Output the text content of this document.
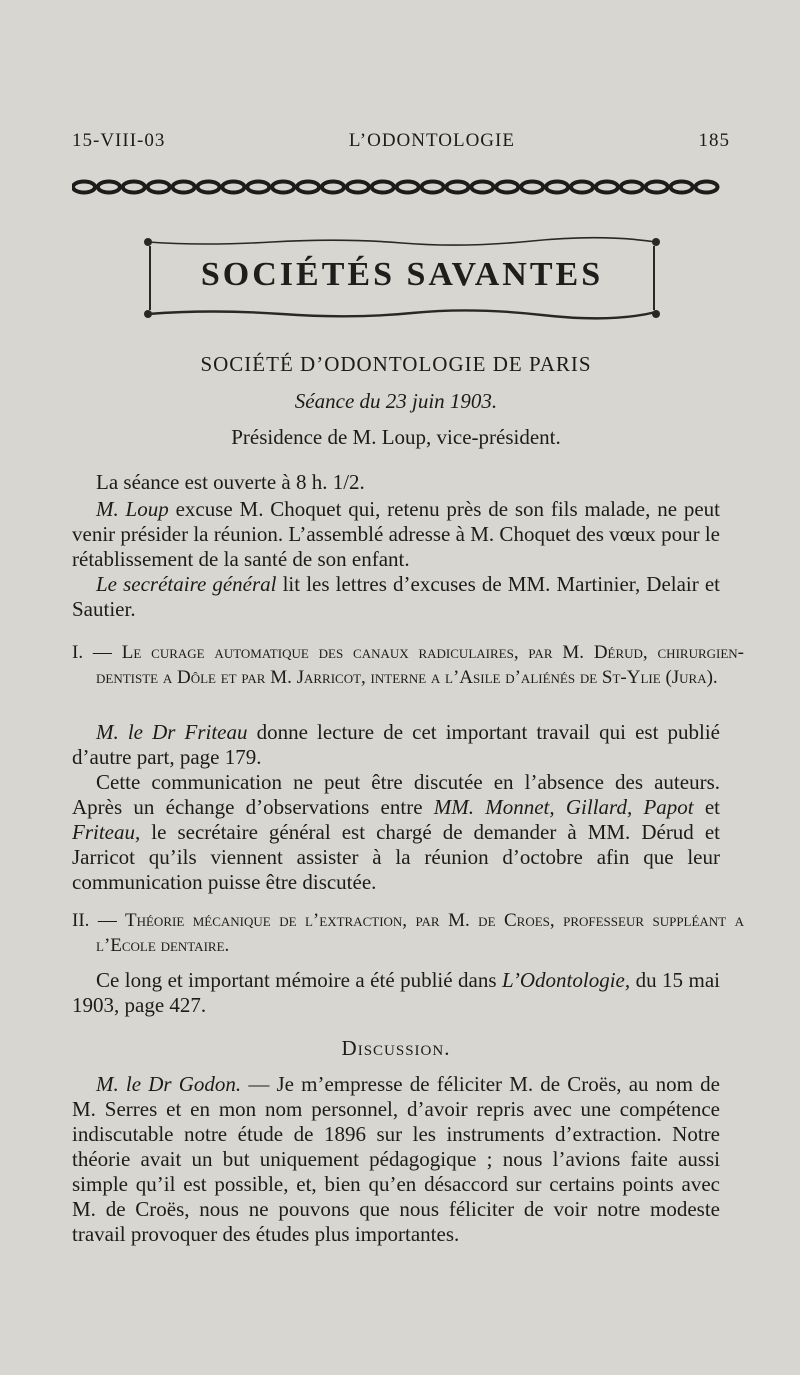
15-VIII-03	L’ODONTOLOGIE	185
SOCIÉTÉS SAVANTES
SOCIÉTÉ D’ODONTOLOGIE DE PARIS
Séance du 23 juin 1903.
Présidence de M. Loup, vice-président.

La séance est ouverte à 8 h. 1/2.

M. Loup excuse M. Choquet qui, retenu près de son fils malade, ne peut venir présider la réunion. L’assemblé adresse à M. Choquet des vœux pour le rétablissement de la santé de son enfant.

Le secrétaire général lit les lettres d’excuses de MM. Martinier, Delair et Sautier.

I. — Le curage automatique des canaux radiculaires, par M. Dérud, chirurgien-dentiste a Dôle et par M. Jarricot, interne a l’Asile d’aliénés de St-Ylie (Jura).

M. le Dr Friteau donne lecture de cet important travail qui est publié d’autre part, page 179.

Cette communication ne peut être discutée en l’absence des auteurs. Après un échange d’observations entre MM. Monnet, Gillard, Papot et Friteau, le secrétaire général est chargé de demander à MM. Dérud et Jarricot qu’ils viennent assister à la réunion d’octobre afin que leur communication puisse être discutée.

II. — Théorie mécanique de l’extraction, par M. de Croes, professeur suppléant a l’Ecole dentaire.

Ce long et important mémoire a été publié dans L’Odontologie, du 15 mai 1903, page 427.

Discussion.

M. le Dr Godon. — Je m’empresse de féliciter M. de Croës, au nom de M. Serres et en mon nom personnel, d’avoir repris avec une compétence indiscutable notre étude de 1896 sur les instruments d’extraction. Notre théorie avait un but uniquement pédagogique ; nous l’avions faite aussi simple qu’il est possible, et, bien qu’en désaccord sur certains points avec M. de Croës, nous ne pouvons que nous féliciter de voir notre modeste travail provoquer des études plus importantes.
